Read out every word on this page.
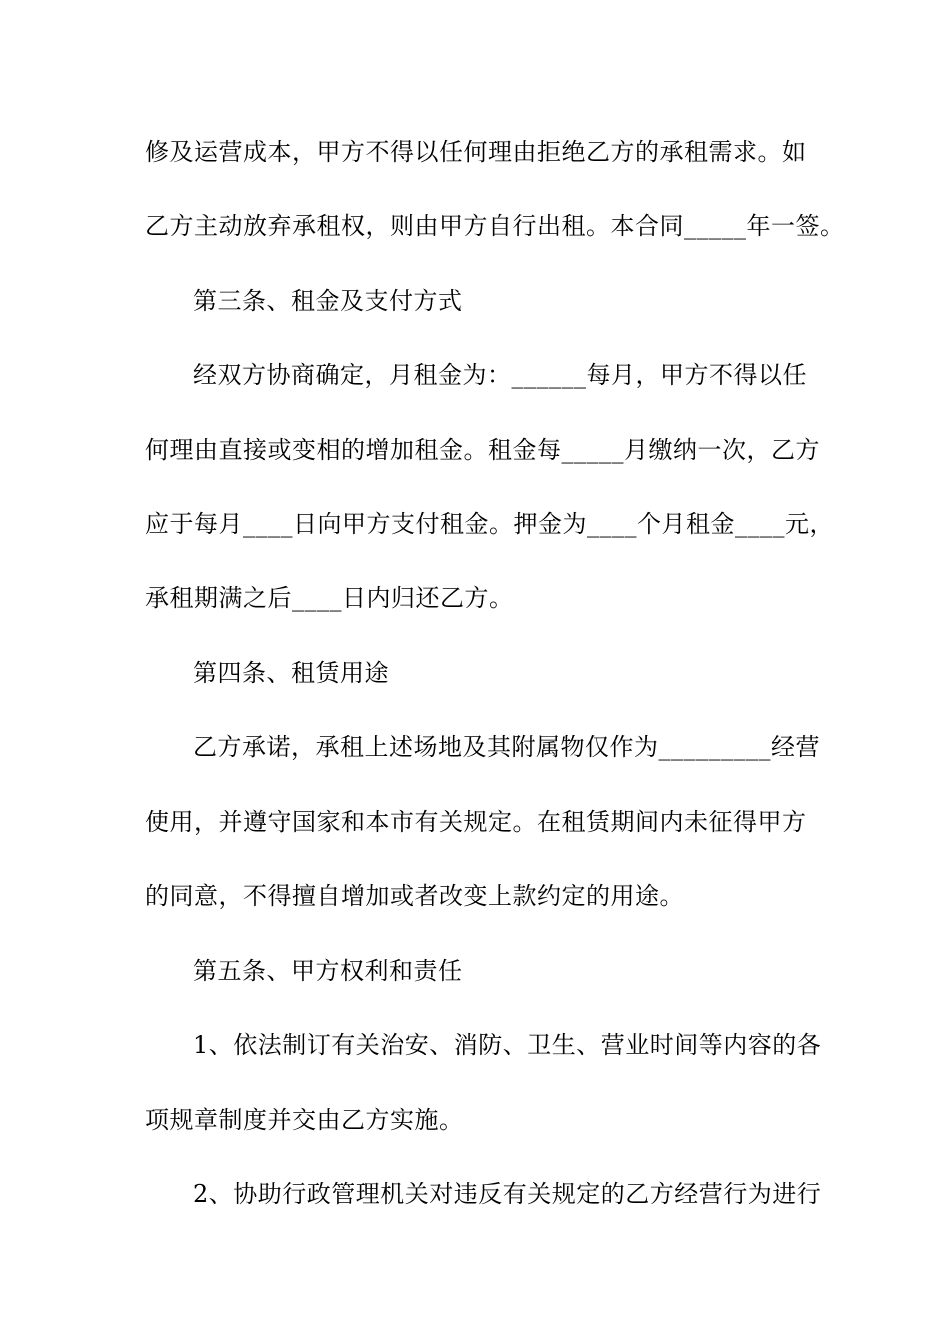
修及运营成本，甲方不得以任何理由拒绝乙方的承租需求。如
乙方主动放弃承租权，则由甲方自行出租。本合同_____年一签。
第三条、租金及支付方式
经双方协商确定，月租金为：______每月，甲方不得以任
何理由直接或变相的增加租金。租金每_____月缴纳一次，乙方
应于每月____日向甲方支付租金。押金为____个月租金____元，
承租期满之后____日内归还乙方。
第四条、租赁用途
乙方承诺，承租上述场地及其附属物仅作为_________经营
使用，并遵守国家和本市有关规定。在租赁期间内未征得甲方
的同意，不得擅自增加或者改变上款约定的用途。
第五条、甲方权利和责任
1、依法制订有关治安、消防、卫生、营业时间等内容的各
项规章制度并交由乙方实施。
2、协助行政管理机关对违反有关规定的乙方经营行为进行
